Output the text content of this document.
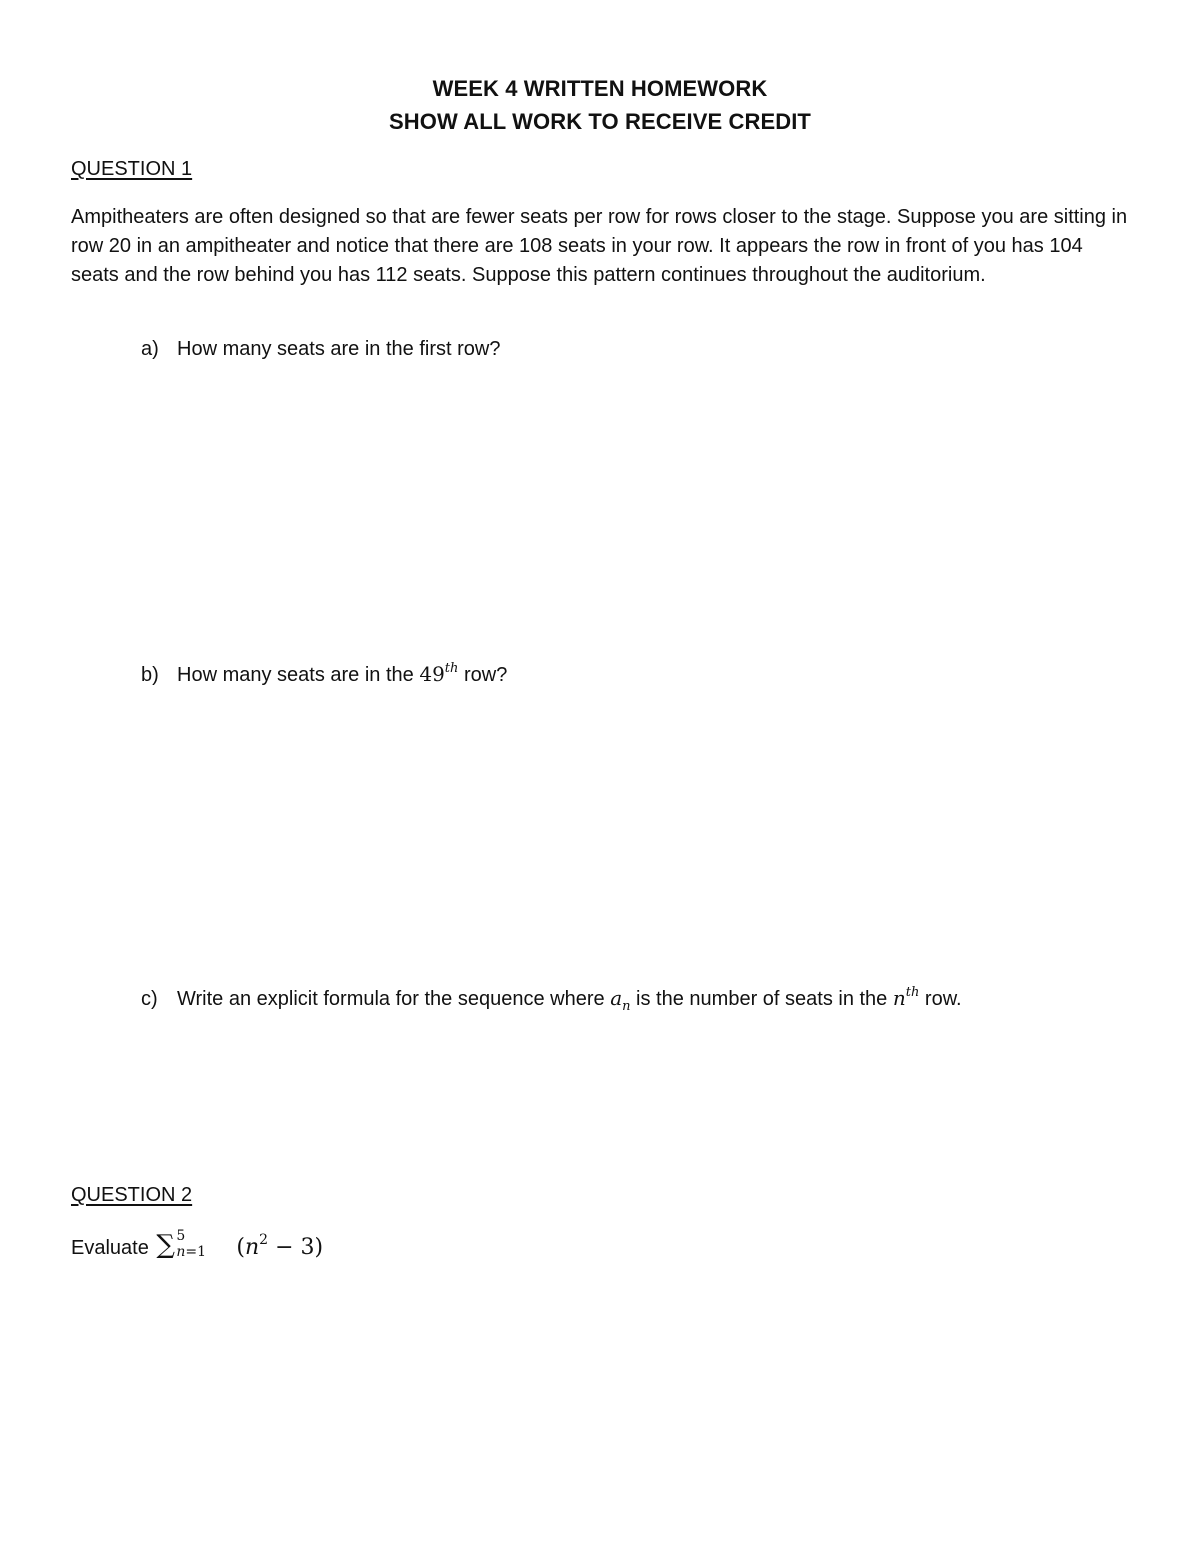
WEEK 4 WRITTEN HOMEWORK
SHOW ALL WORK TO RECEIVE CREDIT
QUESTION 1
Ampitheaters are often designed so that are fewer seats per row for rows closer to the stage. Suppose you are sitting in row 20 in an ampitheater and notice that there are 108 seats in your row. It appears the row in front of you has 104 seats and the row behind you has 112 seats. Suppose this pattern continues throughout the auditorium.
a) How many seats are in the first row?
b) How many seats are in the 49th row?
c) Write an explicit formula for the sequence where $a_n$ is the number of seats in the $n^{th}$ row.
QUESTION 2
Evaluate ∑ 5
n=1 $(n^2 - 3)$
